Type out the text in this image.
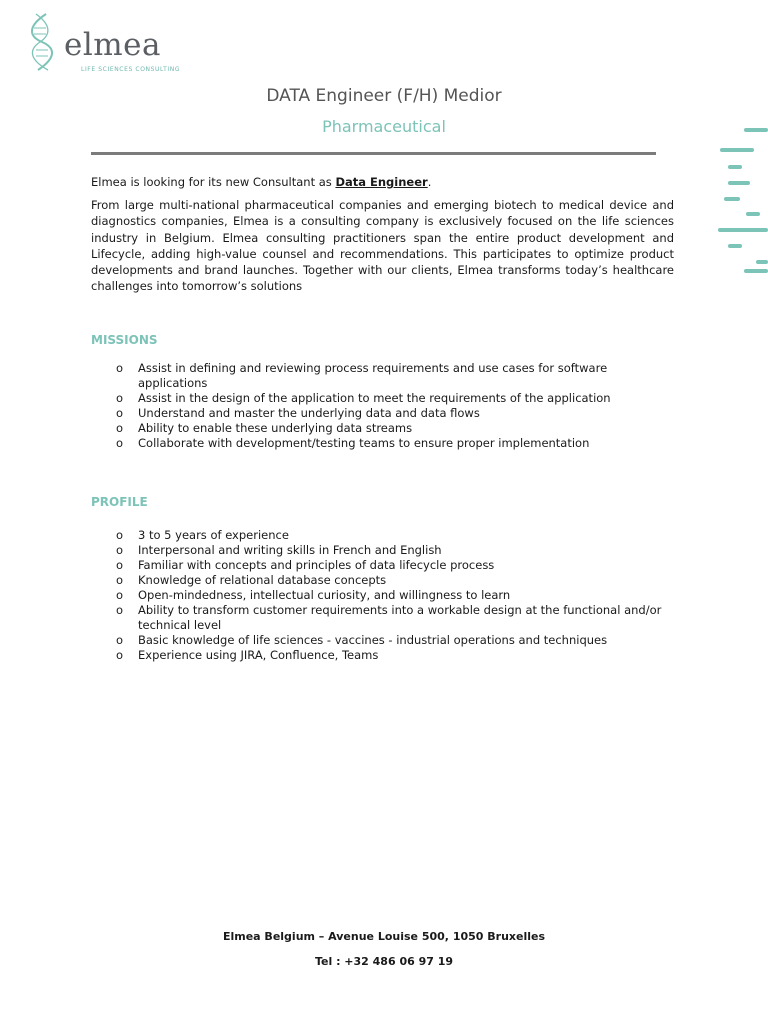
elmea
LIFE SCIENCES CONSULTING
DATA Engineer (F/H) Medior
Pharmaceutical

Elmea is looking for its new Consultant as Data Engineer.

From large multi-national pharmaceutical companies and emerging biotech to medical device and diagnostics companies, Elmea is a consulting company is exclusively focused on the life sciences industry in Belgium. Elmea consulting practitioners span the entire product development and Lifecycle, adding high-value counsel and recommendations. This participates to optimize product developments and brand launches. Together with our clients, Elmea transforms today’s healthcare challenges into tomorrow’s solutions

MISSIONS
o Assist in defining and reviewing process requirements and use cases for software applications
o Assist in the design of the application to meet the requirements of the application
o Understand and master the underlying data and data flows
o Ability to enable these underlying data streams
o Collaborate with development/testing teams to ensure proper implementation
PROFILE
o 3 to 5 years of experience
o Interpersonal and writing skills in French and English
o Familiar with concepts and principles of data lifecycle process
o Knowledge of relational database concepts
o Open-mindedness, intellectual curiosity, and willingness to learn
o Ability to transform customer requirements into a workable design at the functional and/or technical level
o Basic knowledge of life sciences - vaccines - industrial operations and techniques
o Experience using JIRA, Confluence, Teams

Elmea Belgium – Avenue Louise 500, 1050 Bruxelles

Tel : +32 486 06 97 19
